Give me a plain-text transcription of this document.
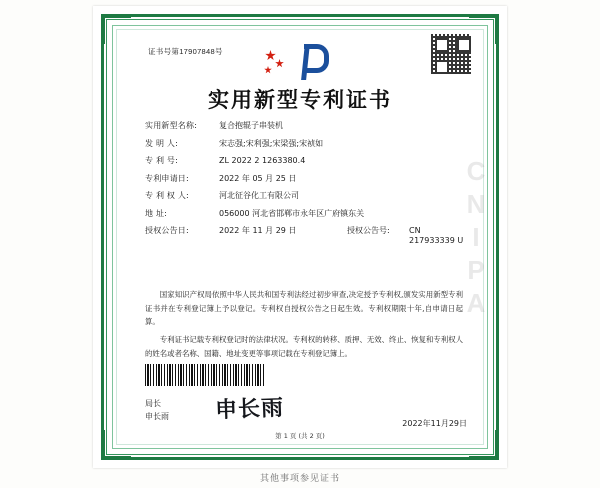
证书号第17907848号
实用新型专利证书
实用新型名称:	复合抱辊子串装机
发 明 人:	宋志强;宋利强;宋梁强;宋祯如
专 利 号:	ZL 2022 2 1263380.4
专利申请日:	2022 年 05 月 25 日
专 利 权 人:	河北征谷化工有限公司
地 址:	056000 河北省邯郸市永年区广府镇东关
授权公告日:	2022 年 11 月 29 日	授权公告号:	CN 217933339 U

国家知识产权局依照中华人民共和国专利法经过初步审查,决定授予专利权,颁发实用新型专利证书并在专利登记簿上予以登记。专利权自授权公告之日起生效。专利权期限十年,自申请日起算。

专利证书记载专利权登记时的法律状况。专利权的转移、质押、无效、终止、恢复和专利权人的姓名或者名称、国籍、地址变更等事项记载在专利登记簿上。

局长
申长雨 申长雨
2022年11月29日
CNIPA
第 1 页 (共 2 页)
其他事项参见证书
